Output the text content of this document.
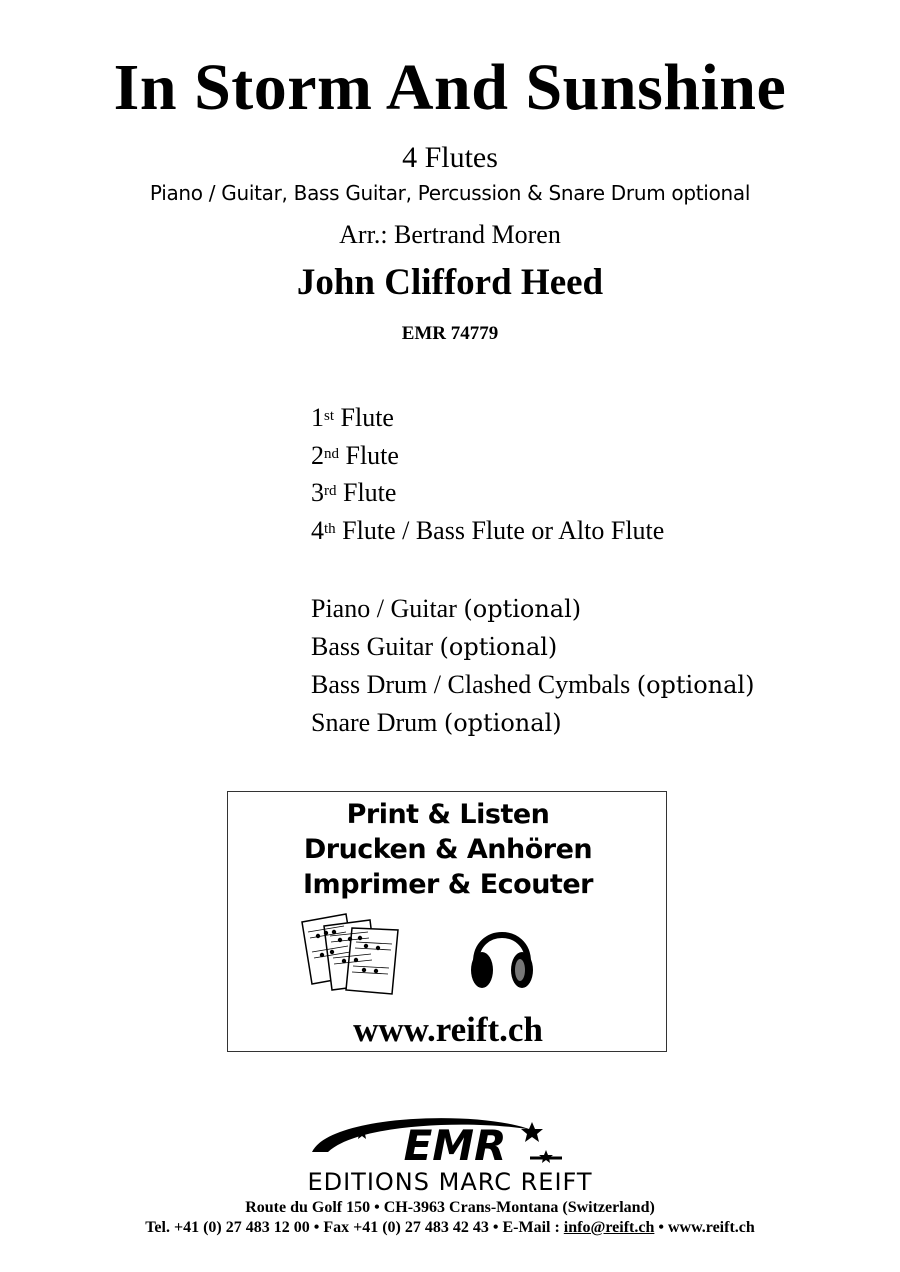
In Storm And Sunshine
4 Flutes
Piano / Guitar, Bass Guitar, Percussion & Snare Drum optional
Arr.: Bertrand Moren
John Clifford Heed
EMR 74779
1st Flute
2nd Flute
3rd Flute
4th Flute / Bass Flute or Alto Flute
Piano / Guitar (optional)
Bass Guitar (optional)
Bass Drum / Clashed Cymbals (optional)
Snare Drum (optional)
Print & Listen
Drucken & Anhören
Imprimer & Ecouter
www.reift.ch
EMR
EDITIONS MARC REIFT
Route du Golf 150 • CH-3963 Crans-Montana (Switzerland)
Tel. +41 (0) 27 483 12 00 • Fax +41 (0) 27 483 42 43 • E-Mail : info@reift.ch • www.reift.ch
